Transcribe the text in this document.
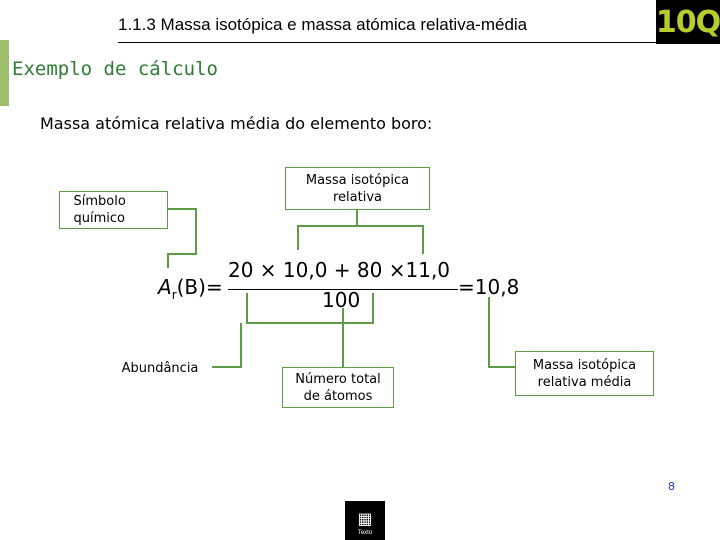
1.1.3 Massa isotópica e massa atómica relativa-média	10Q
Exemplo de cálculo
Massa atómica relativa média do elemento boro:
Símbolo químico
Massa isotópica relativa
Abundância
Número total de átomos
Massa isotópica relativa média
$A_r(B)=$
20 × 10,0 + 80 ×11,0
100
=10,8
8
▦
Texto
